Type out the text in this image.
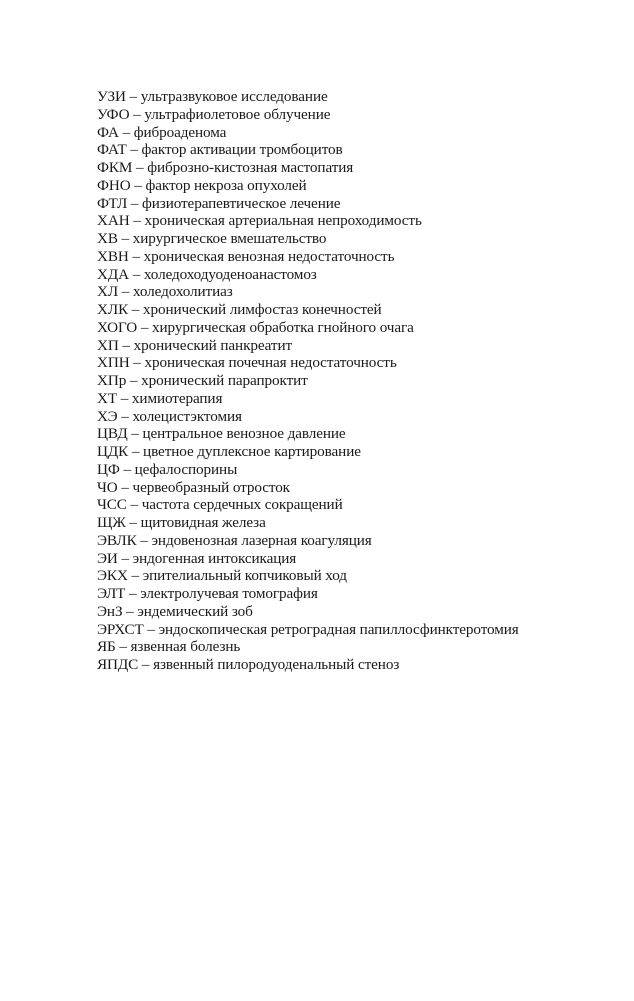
УЗИ – ультразвуковое исследование
УФО – ультрафиолетовое облучение
ФА – фиброаденома
ФАТ – фактор активации тромбоцитов
ФКМ – фиброзно-кистозная мастопатия
ФНО – фактор некроза опухолей
ФТЛ – физиотерапевтическое лечение
ХАН – хроническая артериальная непроходимость
ХВ – хирургическое вмешательство
ХВН – хроническая венозная недостаточность
ХДА – холедоходуоденоанастомоз
ХЛ – холедохолитиаз
ХЛК – хронический лимфостаз конечностей
ХОГО – хирургическая обработка гнойного очага
ХП – хронический панкреатит
ХПН – хроническая почечная недостаточность
ХПр – хронический парапроктит
ХТ – химиотерапия
ХЭ – холецистэктомия
ЦВД – центральное венозное давление
ЦДК – цветное дуплексное картирование
ЦФ – цефалоспорины
ЧО – червеобразный отросток
ЧСС – частота сердечных сокращений
ЩЖ – щитовидная железа
ЭВЛК – эндовенозная лазерная коагуляция
ЭИ – эндогенная интоксикация
ЭКХ – эпителиальный копчиковый ход
ЭЛТ – электролучевая томография
ЭнЗ – эндемический зоб
ЭРХСТ – эндоскопическая ретроградная папиллосфинктеротомия
ЯБ – язвенная болезнь
ЯПДС – язвенный пилородуоденальный стеноз
